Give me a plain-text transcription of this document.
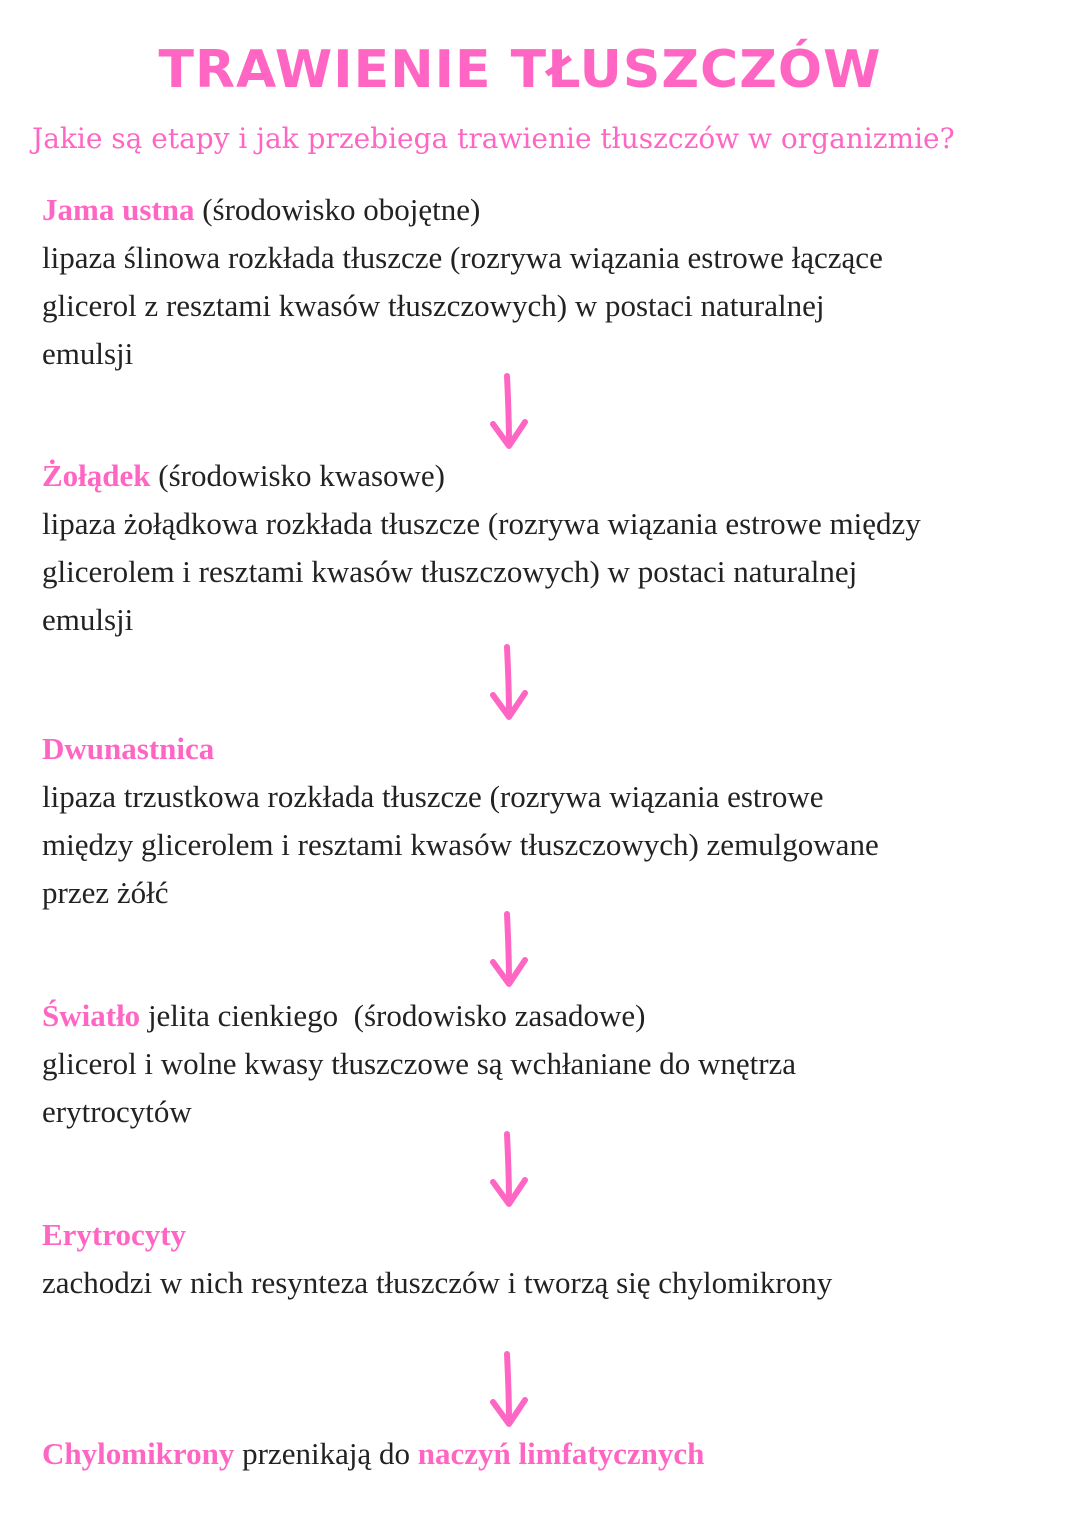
TRAWIENIE TŁUSZCZÓW

Jakie są etapy i jak przebiega trawienie tłuszczów w organizmie?

Jama ustna (środowisko obojętne)
lipaza ślinowa rozkłada tłuszcze (rozrywa wiązania estrowe łączące glicerol z resztami kwasów tłuszczowych) w postaci naturalnej emulsji
Żołądek (środowisko kwasowe)
lipaza żołądkowa rozkłada tłuszcze (rozrywa wiązania estrowe między glicerolem i resztami kwasów tłuszczowych) w postaci naturalnej emulsji
Dwunastnica
lipaza trzustkowa rozkłada tłuszcze (rozrywa wiązania estrowe między glicerolem i resztami kwasów tłuszczowych) zemulgowane przez żółć
Światło jelita cienkiego  (środowisko zasadowe)
glicerol i wolne kwasy tłuszczowe są wchłaniane do wnętrza erytrocytów
Erytrocyty
zachodzi w nich resynteza tłuszczów i tworzą się chylomikrony
Chylomikrony przenikają do naczyń limfatycznych
